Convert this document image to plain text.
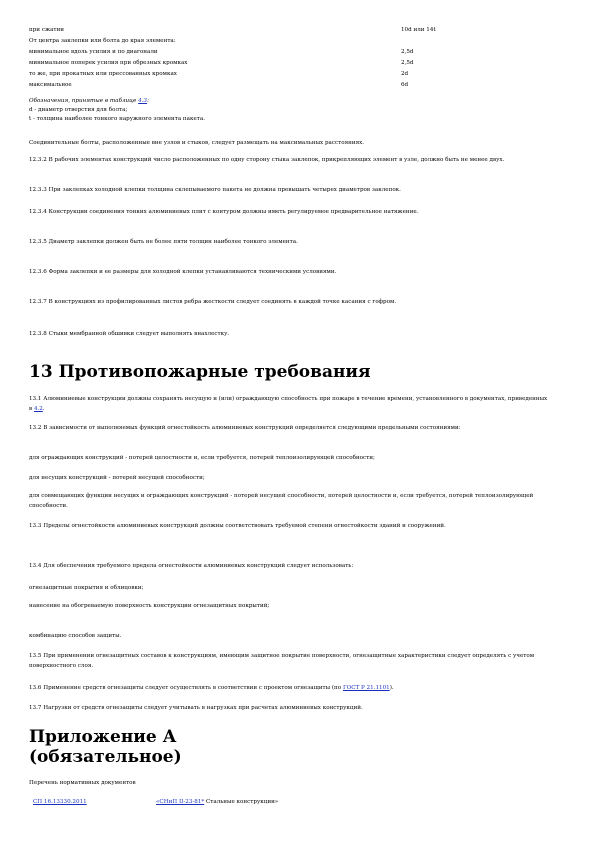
при сжатии	10d или 14t
От центра заклепки или болта до края элемента:
минимальное вдоль усилия и по диагонали	2,5d
минимальное поперек усилия при обрезных кромках	2,5d
то же, при прокатных или прессованных кромках	2d
максимальное	6d
Обозначения, принятые в таблице 4.3:
d - диаметр отверстия для болта;
t - толщина наиболее тонкого наружного элемента пакета.
Соединительные болты, расположенные вне узлов и стыков, следует размещать на максимальных расстояниях.
12.3.2 В рабочих элементах конструкций число расположенных по одну сторону стыка заклепок, прикрепляющих элемент в узле, должно быть не менее двух.
12.3.3 При заклепках холодной клепки толщина склепываемого пакета не должна превышать четырех диаметров заклепок.
12.3.4 Конструкции соединения тонких алюминиевых плит с контуром должны иметь регулируемое предварительное натяжение.
12.3.5 Диаметр заклепки должен быть не более пяти толщин наиболее тонкого элемента.
12.3.6 Форма заклепки и ее размеры для холодной клепки устанавливаются техническими условиями.
12.3.7 В конструкциях из профилированных листов ребра жесткости следует соединять в каждой точке касания с гофром.
12.3.8 Стыки мембранной обшивки следует выполнять внахлестку.
13 Противопожарные требования
13.1 Алюминиевые конструкции должны сохранять несущую и (или) ограждающую способность при пожаре в течение времени, установленного в документах, приведенных в 4.2.
13.2 В зависимости от выполняемых функций огнестойкость алюминиевых конструкций определяется следующими предельными состояниями:
для ограждающих конструкций - потерей целостности и, если требуется, потерей теплоизолирующей способности;
для несущих конструкций - потерей несущей способности;
для совмещающих функции несущих и ограждающих конструкций - потерей несущей способности, потерей целостности и, если требуется, потерей теплоизолирующей способности.
13.3 Пределы огнестойкости алюминиевых конструкций должны соответствовать требуемой степени огнестойкости зданий и сооружений.
13.4 Для обеспечения требуемого предела огнестойкости алюминиевых конструкций следует использовать:
огнезащитные покрытия и облицовки;
нанесение на обогреваемую поверхность конструкции огнезащитных покрытий;
комбинацию способов защиты.
13.5 При применении огнезащитных составов к конструкциям, имеющим защитное покрытие поверхности, огнезащитные характеристики следует определять с учетом поверхностного слоя.
13.6 Применение средств огнезащиты следует осуществлять в соответствии с проектом огнезащиты (по ГОСТ Р 21.1101).
13.7 Нагрузки от средств огнезащиты следует учитывать в нагрузках при расчетах алюминиевых конструкций.
Приложение А
(обязательное)
Перечень нормативных документов
СП 16.13330.2011	«СНиП II-23-81* Стальные конструкции»
